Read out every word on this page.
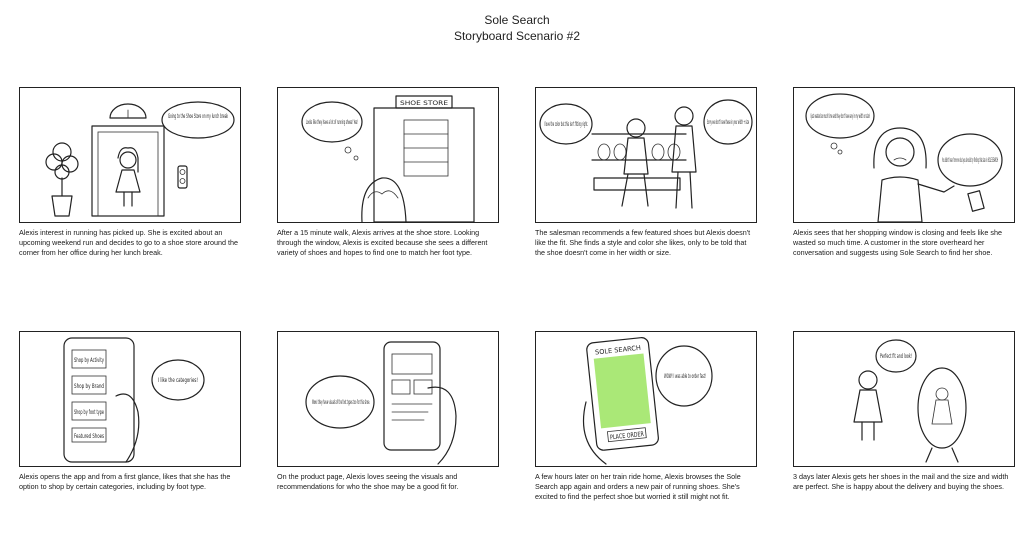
Sole Search
Storyboard Scenario #2
Going to the Shoe Store on my lunch break
Alexis interest in running has picked up. She is excited about an upcoming weekend run and decides to go to a shoe store around the corner from her office during her lunch break.
SHOE STORE
Looks like they have a lot of running shoes! Yes!
After a 15 minute walk, Alexis arrives at the shoe store. Looking through the window, Alexis is excited because she sees a different variety of shoes and hopes to find one to match her foot type.
I love the color but this isn't fitting right.	Sorry we don't have these in your width + size
The salesman recommends a few featured shoes but Alexis doesn't like the fit. She finds a style and color she likes, only to be told that the shoe doesn't come in her width or size.
I just wasted so much time and they don't have any in my width or size!
You didn't hear from me but you should try finding that size in SOLE SEARCH
Alexis sees that her shopping window is closing and feels like she wasted so much time. A customer in the store overheard her conversation and suggests using Sole Search to find her shoe.
Shop by Activity
Shop by Brand
Shop by foot type
Featured Shoes
I like the categories!
Alexis opens the app and from a first glance, likes that she has the option to shop by certain categories, including by foot type.
Wow! they have visuals of the foot types too for this shoe.
On the product page, Alexis loves seeing the visuals and recommendations for who the shoe may be a good fit for.
SOLE SEARCH
PLACE ORDER
WOW! I was able to order fast!
A few hours later on her train ride home, Alexis browses the Sole Search app again and orders a new pair of running shoes. She's excited to find the perfect shoe but worried it still might not fit.
Perfect fit and look!
3 days later Alexis gets her shoes in the mail and the size and width are perfect. She is happy about the delivery and buying the shoes.
